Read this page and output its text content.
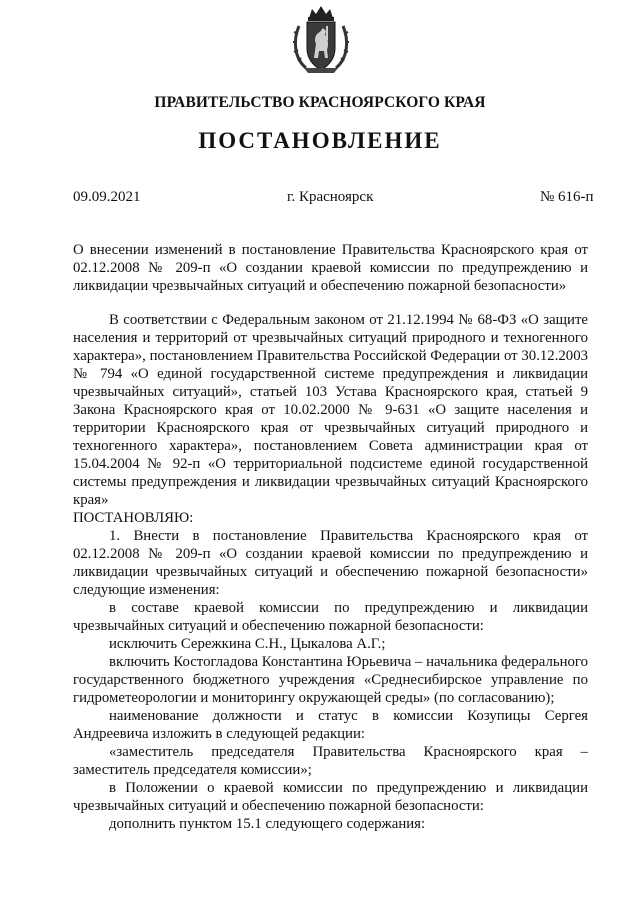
ПРАВИТЕЛЬСТВО КРАСНОЯРСКОГО КРАЯ
ПОСТАНОВЛЕНИЕ
09.09.2021	г. Красноярск	№ 616-п
О внесении изменений в постановление Правительства Красноярского края от 02.12.2008 № 209-п «О создании краевой комиссии по предупреждению и ликвидации чрезвычайных ситуаций и обеспечению пожарной безопасности»

В соответствии с Федеральным законом от 21.12.1994 № 68-ФЗ «О защите населения и территорий от чрезвычайных ситуаций природного и техногенного характера», постановлением Правительства Российской Федерации от 30.12.2003 № 794 «О единой государственной системе предупреждения и ликвидации чрезвычайных ситуаций», статьей 103 Устава Красноярского края, статьей 9 Закона Красноярского края от 10.02.2000 № 9-631 «О защите населения и территории Красноярского края от чрезвычайных ситуаций природного и техногенного характера», постановлением Совета администрации края от 15.04.2004 № 92-п «О территориальной подсистеме единой государственной системы предупреждения и ликвидации чрезвычайных ситуаций Красноярского края»

ПОСТАНОВЛЯЮ:

1. Внести в постановление Правительства Красноярского края от 02.12.2008 № 209-п «О создании краевой комиссии по предупреждению и ликвидации чрезвычайных ситуаций и обеспечению пожарной безопасности» следующие изменения:

в составе краевой комиссии по предупреждению и ликвидации чрезвычайных ситуаций и обеспечению пожарной безопасности:

исключить Сережкина С.Н., Цыкалова А.Г.;

включить Костогладова Константина Юрьевича – начальника федерального государственного бюджетного учреждения «Среднесибирское управление по гидрометеорологии и мониторингу окружающей среды» (по согласованию);

наименование должности и статус в комиссии Козупицы Сергея Андреевича изложить в следующей редакции:

«заместитель председателя Правительства Красноярского края – заместитель председателя комиссии»;

в Положении о краевой комиссии по предупреждению и ликвидации чрезвычайных ситуаций и обеспечению пожарной безопасности:

дополнить пунктом 15.1 следующего содержания:
